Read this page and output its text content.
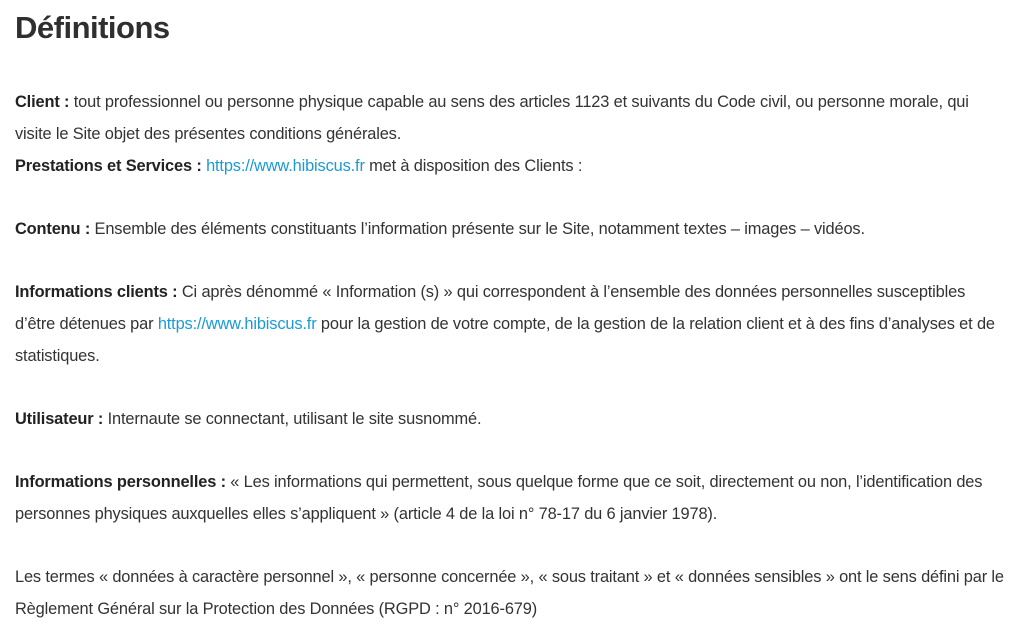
Définitions

Client : tout professionnel ou personne physique capable au sens des articles 1123 et suivants du Code civil, ou personne morale, qui visite le Site objet des présentes conditions générales.

Prestations et Services : https://www.hibiscus.fr met à disposition des Clients :

Contenu : Ensemble des éléments constituants l’information présente sur le Site, notamment textes – images – vidéos.

Informations clients : Ci après dénommé « Information (s) » qui correspondent à l’ensemble des données personnelles susceptibles d’être détenues par https://www.hibiscus.fr pour la gestion de votre compte, de la gestion de la relation client et à des fins d’analyses et de statistiques.

Utilisateur : Internaute se connectant, utilisant le site susnommé.

Informations personnelles : « Les informations qui permettent, sous quelque forme que ce soit, directement ou non, l’identification des personnes physiques auxquelles elles s’appliquent » (article 4 de la loi n° 78-17 du 6 janvier 1978).

Les termes « données à caractère personnel », « personne concernée », « sous traitant » et « données sensibles » ont le sens défini par le Règlement Général sur la Protection des Données (RGPD : n° 2016-679)
